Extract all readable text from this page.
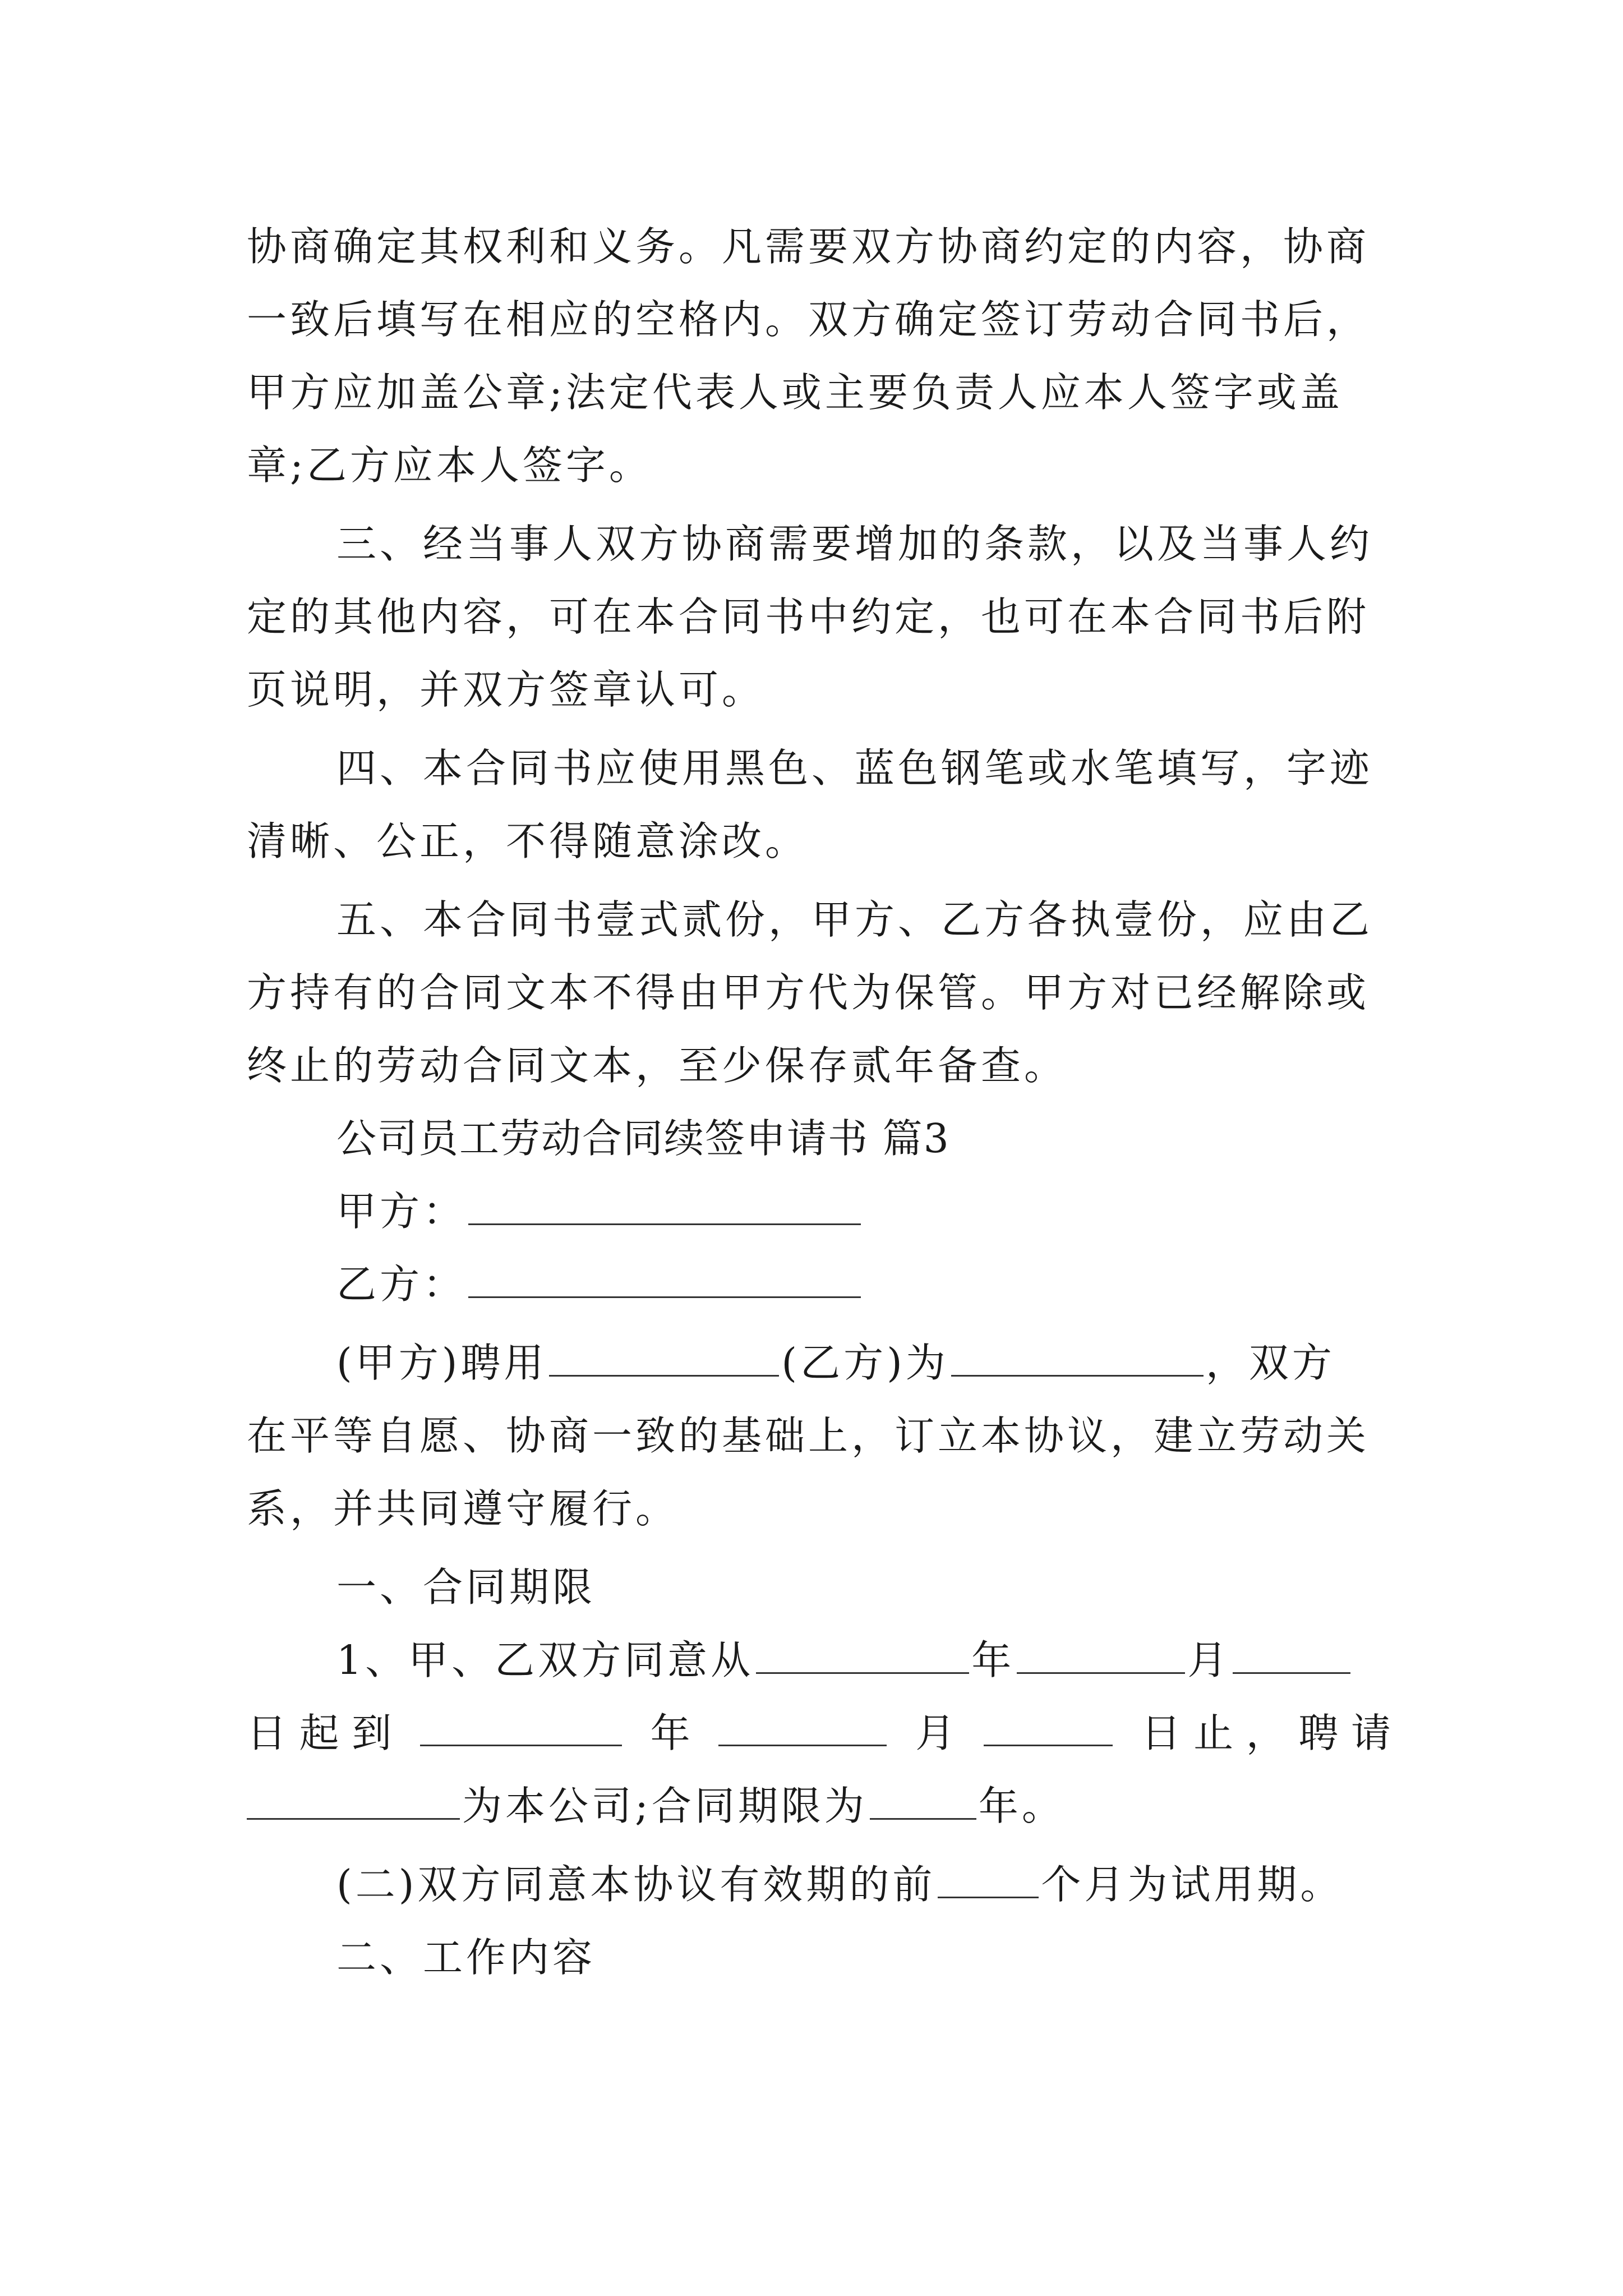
协商确定其权利和义务。凡需要双方协商约定的内容，协商
一致后填写在相应的空格内。双方确定签订劳动合同书后，
甲方应加盖公章;法定代表人或主要负责人应本人签字或盖
章;乙方应本人签字。
三、经当事人双方协商需要增加的条款，以及当事人约
定的其他内容，可在本合同书中约定，也可在本合同书后附
页说明，并双方签章认可。
四、本合同书应使用黑色、蓝色钢笔或水笔填写，字迹
清晰、公正，不得随意涂改。
五、本合同书壹式贰份，甲方、乙方各执壹份，应由乙
方持有的合同文本不得由甲方代为保管。甲方对已经解除或
终止的劳动合同文本，至少保存贰年备查。
公司员工劳动合同续签申请书 篇3
甲方：
乙方：
(甲方)聘用	(乙方)为	，双方
在平等自愿、协商一致的基础上，订立本协议，建立劳动关
系，并共同遵守履行。
一、合同期限
1、甲、乙双方同意从	年	月
日 起 到	年	月	日 止 ， 聘 请
为本公司;合同期限为	年。
(二)双方同意本协议有效期的前	个月为试用期。
二、工作内容
